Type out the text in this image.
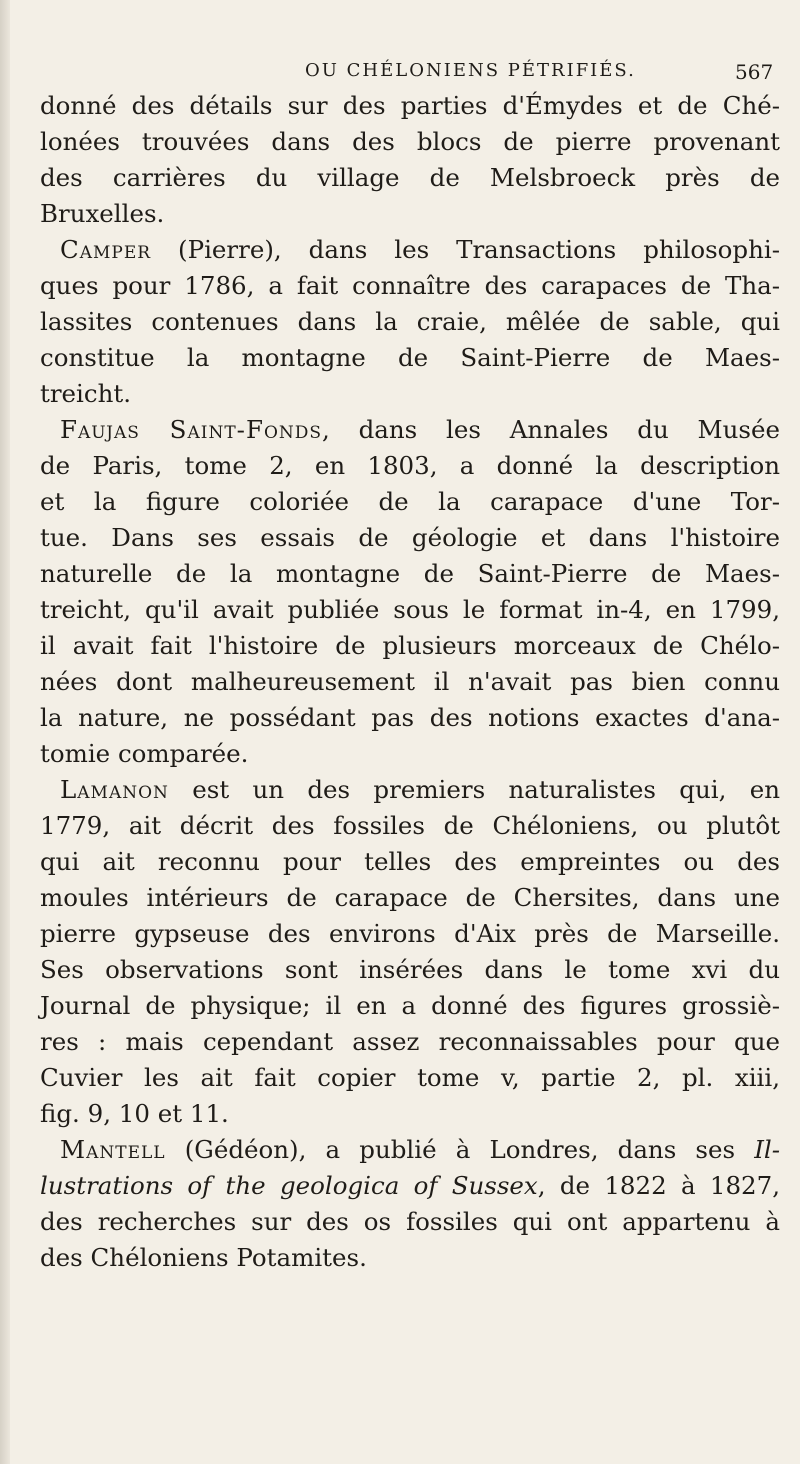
OU CHÉLONIENS PÉTRIFIÉS.	567
donné des détails sur des parties d'Émydes et de Ché-
lonées trouvées dans des blocs de pierre provenant
des carrières du village de Melsbroeck près de
Bruxelles.
Camper (Pierre), dans les Transactions philosophi-
ques pour 1786, a fait connaître des carapaces de Tha-
lassites contenues dans la craie, mêlée de sable, qui
constitue la montagne de Saint-Pierre de Maes-
treicht.
Faujas Saint-Fonds, dans les Annales du Musée
de Paris, tome 2, en 1803, a donné la description
et la figure coloriée de la carapace d'une Tor-
tue. Dans ses essais de géologie et dans l'histoire
naturelle de la montagne de Saint-Pierre de Maes-
treicht, qu'il avait publiée sous le format in-4, en 1799,
il avait fait l'histoire de plusieurs morceaux de Chélo-
nées dont malheureusement il n'avait pas bien connu
la nature, ne possédant pas des notions exactes d'ana-
tomie comparée.
Lamanon est un des premiers naturalistes qui, en
1779, ait décrit des fossiles de Chéloniens, ou plutôt
qui ait reconnu pour telles des empreintes ou des
moules intérieurs de carapace de Chersites, dans une
pierre gypseuse des environs d'Aix près de Marseille.
Ses observations sont insérées dans le tome xvi du
Journal de physique; il en a donné des figures grossiè-
res : mais cependant assez reconnaissables pour que
Cuvier les ait fait copier tome v, partie 2, pl. xiii,
fig. 9, 10 et 11.
Mantell (Gédéon), a publié à Londres, dans ses Il-
lustrations of the geologica of Sussex, de 1822 à 1827,
des recherches sur des os fossiles qui ont appartenu à
des Chéloniens Potamites.
